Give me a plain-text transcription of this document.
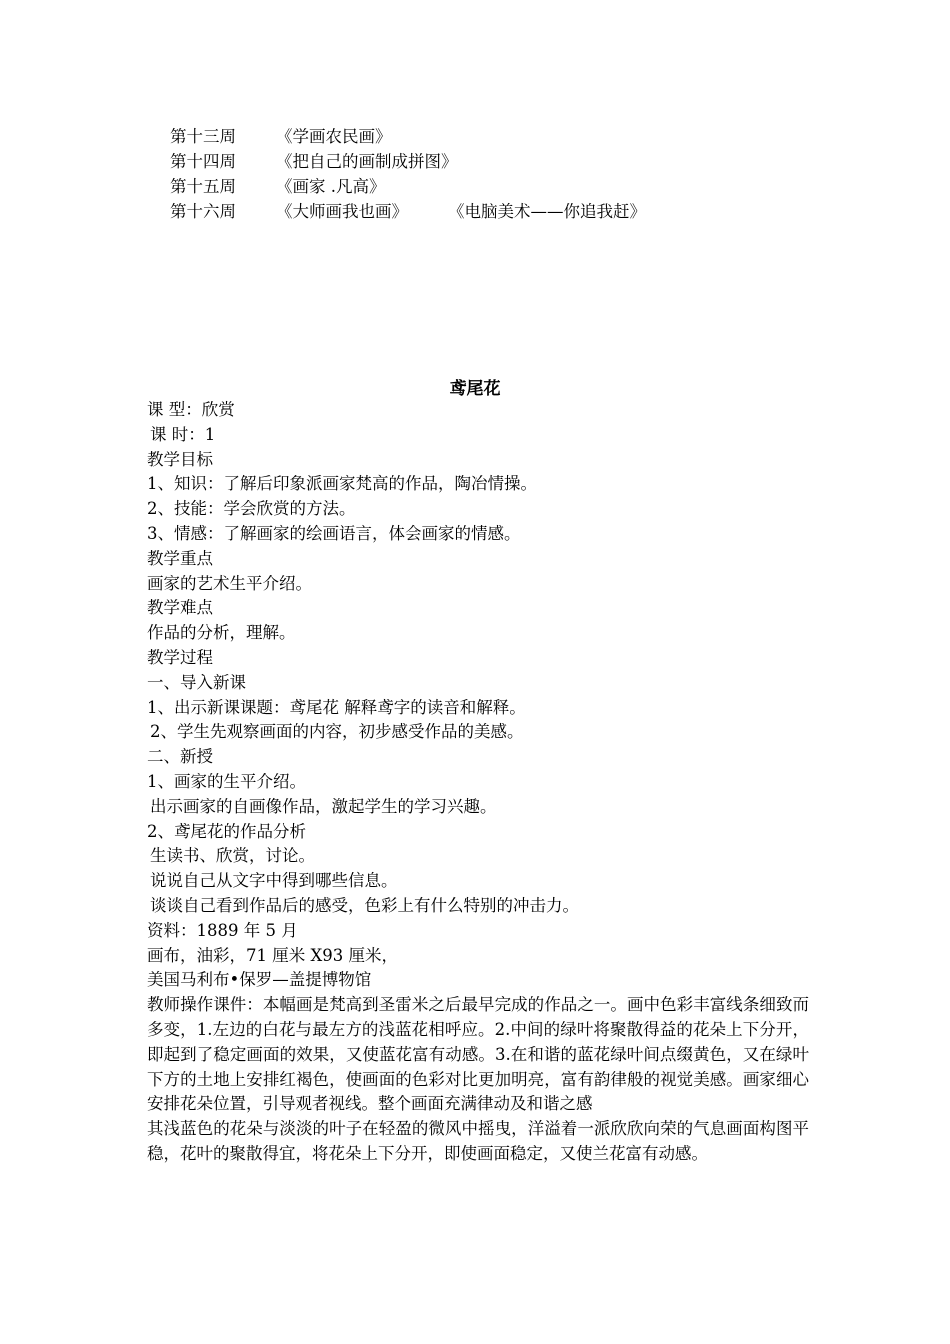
第十三周 《学画农民画》
第十四周 《把自己的画制成拼图》
第十五周 《画家 .凡高》
第十六周 《大师画我也画》 《电脑美术——你追我赶》
鸢尾花
课 型：欣赏
课 时：1
教学目标
1、知识：了解后印象派画家梵高的作品，陶冶情操。
2、技能：学会欣赏的方法。
3、情感：了解画家的绘画语言，体会画家的情感。
教学重点
画家的艺术生平介绍。
教学难点
作品的分析，理解。
教学过程
一、导入新课
1、出示新课课题：鸢尾花 解释鸢字的读音和解释。
2、学生先观察画面的内容，初步感受作品的美感。
二、新授
1、画家的生平介绍。
出示画家的自画像作品，激起学生的学习兴趣。
2、鸢尾花的作品分析
生读书、欣赏，讨论。
说说自己从文字中得到哪些信息。
谈谈自己看到作品后的感受，色彩上有什么特别的冲击力。
资料：1889 年 5 月
画布，油彩，71 厘米 X93 厘米，
美国马利布•保罗—盖提博物馆
教师操作课件：本幅画是梵高到圣雷米之后最早完成的作品之一。画中色彩丰富线条细致而多变，1.左边的白花与最左方的浅蓝花相呼应。2.中间的绿叶将聚散得益的花朵上下分开，即起到了稳定画面的效果，又使蓝花富有动感。3.在和谐的蓝花绿叶间点缀黄色，又在绿叶下方的土地上安排红褐色，使画面的色彩对比更加明亮，富有韵律般的视觉美感。画家细心安排花朵位置，引导观者视线。整个画面充满律动及和谐之感
其浅蓝色的花朵与淡淡的叶子在轻盈的微风中摇曳，洋溢着一派欣欣向荣的气息画面构图平稳，花叶的聚散得宜，将花朵上下分开，即使画面稳定，又使兰花富有动感。
